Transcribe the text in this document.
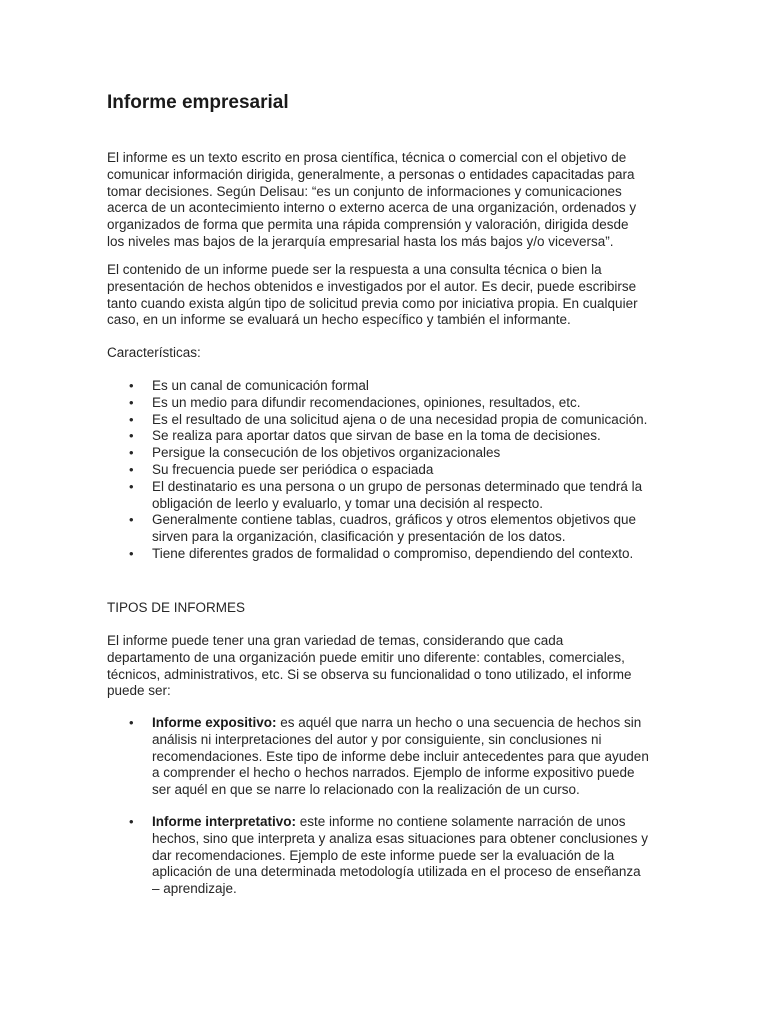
Informe empresarial
El informe es un texto escrito en prosa científica, técnica o comercial con el objetivo de
comunicar información dirigida, generalmente, a personas o entidades capacitadas para
tomar decisiones. Según Delisau: “es un conjunto de informaciones y comunicaciones
acerca de un acontecimiento interno o externo acerca de una organización, ordenados y
organizados de forma que permita una rápida comprensión y valoración, dirigida desde
los niveles mas bajos de la jerarquía empresarial hasta los más bajos y/o viceversa”.
El contenido de un informe puede ser la respuesta a una consulta técnica o bien la
presentación de hechos obtenidos e investigados por el autor. Es decir, puede escribirse
tanto cuando exista algún tipo de solicitud previa como por iniciativa propia. En cualquier
caso, en un informe se evaluará un hecho específico y también el informante.
Características:
• Es un canal de comunicación formal
• Es un medio para difundir recomendaciones, opiniones, resultados, etc.
• Es el resultado de una solicitud ajena o de una necesidad propia de comunicación.
• Se realiza para aportar datos que sirvan de base en la toma de decisiones.
• Persigue la consecución de los objetivos organizacionales
• Su frecuencia puede ser periódica o espaciada
• El destinatario es una persona o un grupo de personas determinado que tendrá la
obligación de leerlo y evaluarlo, y tomar una decisión al respecto.
• Generalmente contiene tablas, cuadros, gráficos y otros elementos objetivos que
sirven para la organización, clasificación y presentación de los datos.
• Tiene diferentes grados de formalidad o compromiso, dependiendo del contexto.
TIPOS DE INFORMES
El informe puede tener una gran variedad de temas, considerando que cada
departamento de una organización puede emitir uno diferente: contables, comerciales,
técnicos, administrativos, etc. Si se observa su funcionalidad o tono utilizado, el informe
puede ser:
• Informe expositivo: es aquél que narra un hecho o una secuencia de hechos sin
análisis ni interpretaciones del autor y por consiguiente, sin conclusiones ni
recomendaciones. Este tipo de informe debe incluir antecedentes para que ayuden
a comprender el hecho o hechos narrados. Ejemplo de informe expositivo puede
ser aquél en que se narre lo relacionado con la realización de un curso.
• Informe interpretativo: este informe no contiene solamente narración de unos
hechos, sino que interpreta y analiza esas situaciones para obtener conclusiones y
dar recomendaciones. Ejemplo de este informe puede ser la evaluación de la
aplicación de una determinada metodología utilizada en el proceso de enseñanza
– aprendizaje.
